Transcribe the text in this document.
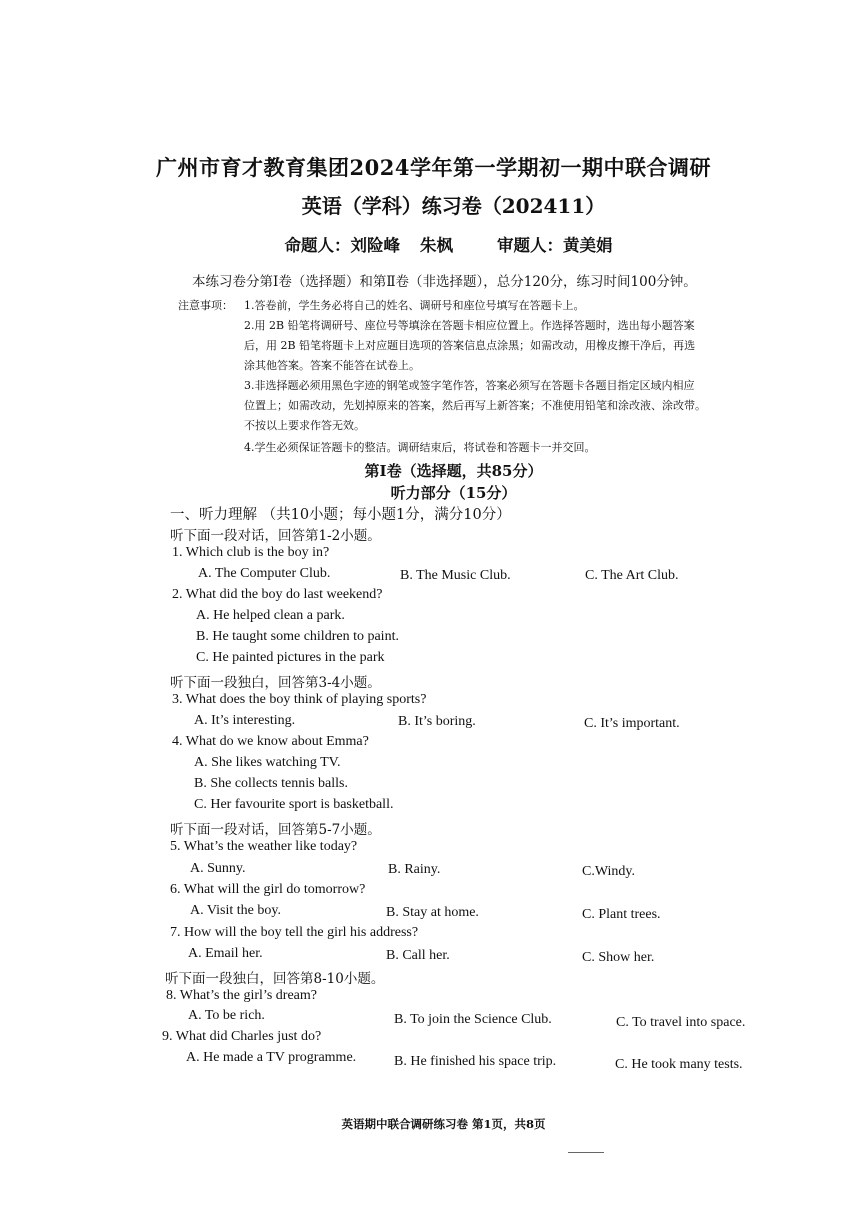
广州市育才教育集团2024学年第一学期初一期中联合调研
英语（学科）练习卷（202411）
命题人：刘险峰 朱枫	审题人：黄美娟
本练习卷分第Ⅰ卷（选择题）和第Ⅱ卷（非选择题），总分120分，练习时间100分钟。
注意事项： 1.答卷前，学生务必将自己的姓名、调研号和座位号填写在答题卡上。
2.用 2B 铅笔将调研号、座位号等填涂在答题卡相应位置上。作选择答题时，选出每小题答案
后，用 2B 铅笔将题卡上对应题目选项的答案信息点涂黑；如需改动，用橡皮擦干净后，再选
涂其他答案。答案不能答在试卷上。
3.非选择题必须用黑色字迹的钢笔或签字笔作答，答案必须写在答题卡各题目指定区域内相应
位置上；如需改动，先划掉原来的答案，然后再写上新答案；不准使用铅笔和涂改液、涂改带。
不按以上要求作答无效。
4.学生必须保证答题卡的整洁。调研结束后，将试卷和答题卡一并交回。
第Ⅰ卷（选择题，共85分）
听力部分（15分）
一、听力理解 （共10小题；每小题1分，满分10分）
听下面一段对话，回答第1-2小题。
1. Which club is the boy in?
A. The Computer Club.	B. The Music Club.	C. The Art Club.
2. What did the boy do last weekend?
A. He helped clean a park.
B. He taught some children to paint.
C. He painted pictures in the park
听下面一段独白，回答第3-4小题。
3. What does the boy think of playing sports?
A. It’s interesting.	B. It’s boring.	C. It’s important.
4. What do we know about Emma?
A. She likes watching TV.
B. She collects tennis balls.
C. Her favourite sport is basketball.
听下面一段对话，回答第5-7小题。
5. What’s the weather like today?
A. Sunny.	B. Rainy.	C.Windy.
6. What will the girl do tomorrow?
A. Visit the boy.	B. Stay at home.	C. Plant trees.
7. How will the boy tell the girl his address?
A. Email her.	B. Call her.	C. Show her.
听下面一段独白，回答第8-10小题。
8. What’s the girl’s dream?
A. To be rich.	B. To join the Science Club.	C. To travel into space.
9. What did Charles just do?
A. He made a TV programme.	B. He finished his space trip.	C. He took many tests.
英语期中联合调研练习卷 第1页，共8页
